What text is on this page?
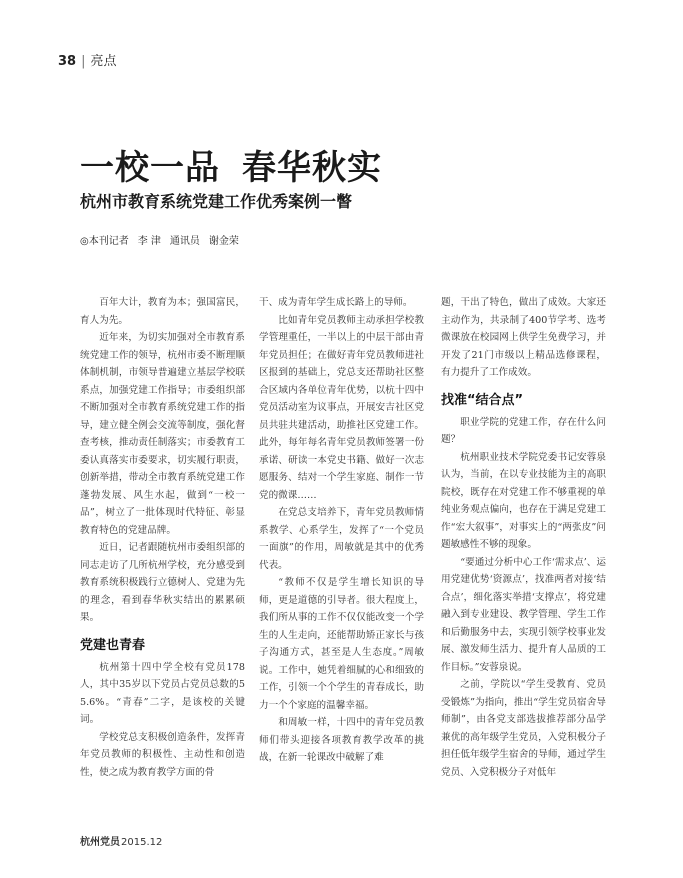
38 | 亮点
一校一品 春华秋实
杭州市教育系统党建工作优秀案例一瞥
◎本刊记者 李 津 通讯员 谢金荣

百年大计，教育为本；强国富民，育人为先。

近年来，为切实加强对全市教育系统党建工作的领导，杭州市委不断理顺体制机制，市领导普遍建立基层学校联系点，加强党建工作指导；市委组织部不断加强对全市教育系统党建工作的指导，建立健全例会交流等制度，强化督查考核，推动责任制落实；市委教育工委认真落实市委要求，切实履行职责，创新举措，带动全市教育系统党建工作蓬勃发展、风生水起，做到“一校一品”，树立了一批体现时代特征、彰显教育特色的党建品牌。

近日，记者跟随杭州市委组织部的同志走访了几所杭州学校，充分感受到教育系统积极践行立德树人、党建为先的理念，看到春华秋实结出的累累硕果。

党建也青春

杭州第十四中学全校有党员178人，其中35岁以下党员占党员总数的55.6%。“青春”二字，是该校的关键词。

学校党总支积极创造条件，发挥青年党员教师的积极性、主动性和创造性，使之成为教育教学方面的骨

干、成为青年学生成长路上的导师。

比如青年党员教师主动承担学校教学管理重任，一半以上的中层干部由青年党员担任；在做好青年党员教师进社区报到的基础上，党总支还帮助社区整合区域内各单位青年优势，以杭十四中党员活动室为议事点，开展安吉社区党员共驻共建活动，助推社区党建工作。此外，每年每名青年党员教师签署一份承诺、研读一本党史书籍、做好一次志愿服务、结对一个学生家庭、制作一节党的微课……

在党总支培养下，青年党员教师情系教学、心系学生，发挥了“一个党员一面旗”的作用，周敏就是其中的优秀代表。

“教师不仅是学生增长知识的导师，更是道德的引导者。很大程度上，我们所从事的工作不仅仅能改变一个学生的人生走向，还能帮助矫正家长与孩子沟通方式，甚至是人生态度。”周敏说。工作中，她凭着细腻的心和细致的工作，引领一个个学生的青春成长，助力一个个家庭的温馨幸福。

和周敏一样，十四中的青年党员教师们带头迎接各项教育教学改革的挑战，在新一轮课改中破解了难

题，干出了特色，做出了成效。大家还主动作为，共录制了400节学考、选考微课放在校园网上供学生免费学习，并开发了21门市级以上精品选修课程，有力提升了工作成效。

找准“结合点”

职业学院的党建工作，存在什么问题？

杭州职业技术学院党委书记安蓉泉认为，当前，在以专业技能为主的高职院校，既存在对党建工作不够重视的单纯业务观点偏向，也存在于满足党建工作“宏大叙事”，对事实上的“两张皮”问题敏感性不够的现象。

“要通过分析中心工作‘需求点’、运用党建优势‘资源点’，找准两者对接‘结合点’，细化落实举措‘支撑点’，将党建融入到专业建设、教学管理、学生工作和后勤服务中去，实现引领学校事业发展、激发师生活力、提升育人品质的工作目标。”安蓉泉说。

之前，学院以“学生受教育、党员受锻炼”为指向，推出“学生党员宿舍导师制”，由各党支部选拔推荐部分品学兼优的高年级学生党员，入党积极分子担任低年级学生宿舍的导师，通过学生党员、入党积极分子对低年

杭州党员2015.12
